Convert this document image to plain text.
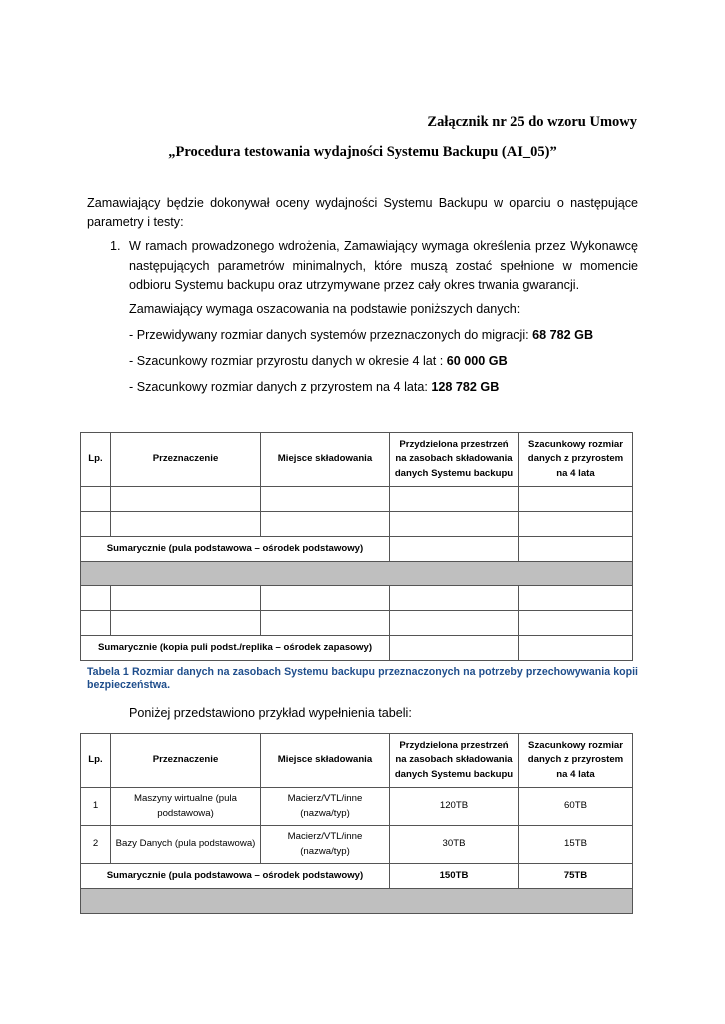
Załącznik nr 25 do wzoru Umowy
„Procedura testowania wydajności Systemu Backupu (AI_05)”
Zamawiający będzie dokonywał oceny wydajności Systemu Backupu w oparciu o następujące parametry i testy:
1. W ramach prowadzonego wdrożenia, Zamawiający wymaga określenia przez Wykonawcę następujących parametrów minimalnych, które muszą zostać spełnione w momencie odbioru Systemu backupu oraz utrzymywane przez cały okres trwania gwarancji.
Zamawiający wymaga oszacowania na podstawie poniższych danych:
- Przewidywany rozmiar danych systemów przeznaczonych do migracji: 68 782 GB
- Szacunkowy rozmiar przyrostu danych w okresie 4 lat : 60 000 GB
- Szacunkowy rozmiar danych z przyrostem na 4 lata: 128 782 GB
Lp.	Przeznaczenie	Miejsce składowania	Przydzielona przestrzeń na zasobach składowania danych Systemu backupu	Szacunkowy rozmiar danych z przyrostem na 4 lata

Sumarycznie (pula podstawowa – ośrodek podstawowy)				

Sumarycznie (kopia puli podst./replika – ośrodek zapasowy)				
Tabela 1 Rozmiar danych na zasobach Systemu backupu przeznaczonych na potrzeby przechowywania kopii bezpieczeństwa.
Poniżej przedstawiono przykład wypełnienia tabeli:
Lp.	Przeznaczenie	Miejsce składowania	Przydzielona przestrzeń na zasobach składowania danych Systemu backupu	Szacunkowy rozmiar danych z przyrostem na 4 lata
1	Maszyny wirtualne (pula podstawowa)	Macierz/VTL/inne (nazwa/typ)	120TB	60TB
2	Bazy Danych (pula podstawowa)	Macierz/VTL/inne (nazwa/typ)	30TB	15TB
Sumarycznie (pula podstawowa – ośrodek podstawowy)			150TB	75TB
